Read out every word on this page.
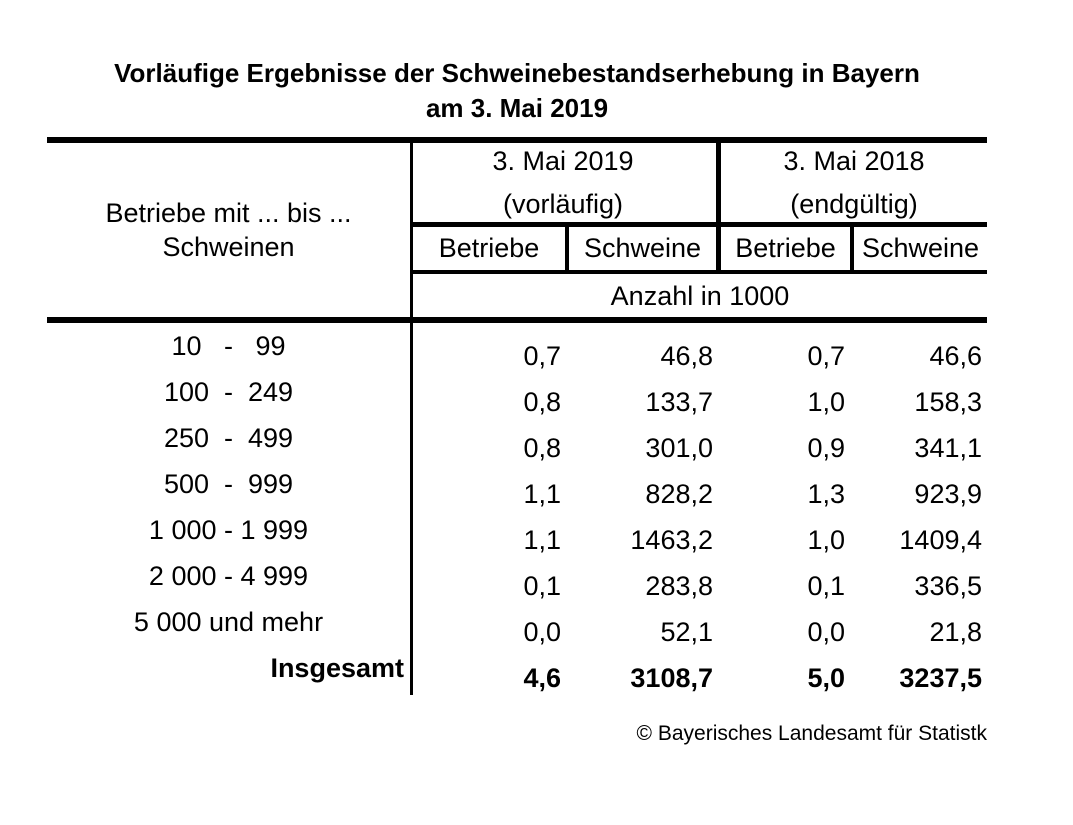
Vorläufige Ergebnisse der Schweinebestandserhebung in Bayern
am 3. Mai 2019
Betriebe mit ... bis ...
Schweinen
3. Mai 2019
(vorläufig)
3. Mai 2018
(endgültig)
Betriebe	Schweine	Betriebe Schweine
Anzahl in 1000
10   -   99	0,7	46,8	0,7	46,6
100  -  249	0,8	133,7	1,0	158,3
250  -  499	0,8	301,0	0,9	341,1
500  -  999	1,1	828,2	1,3	923,9
1 000 - 1 999	1,1	1463,2	1,0	1409,4
2 000 - 4 999	0,1	283,8	0,1	336,5
5 000 und mehr	0,0	52,1	0,0	21,8
Insgesamt	4,6	3108,7	5,0	3237,5
© Bayerisches Landesamt für Statistk
